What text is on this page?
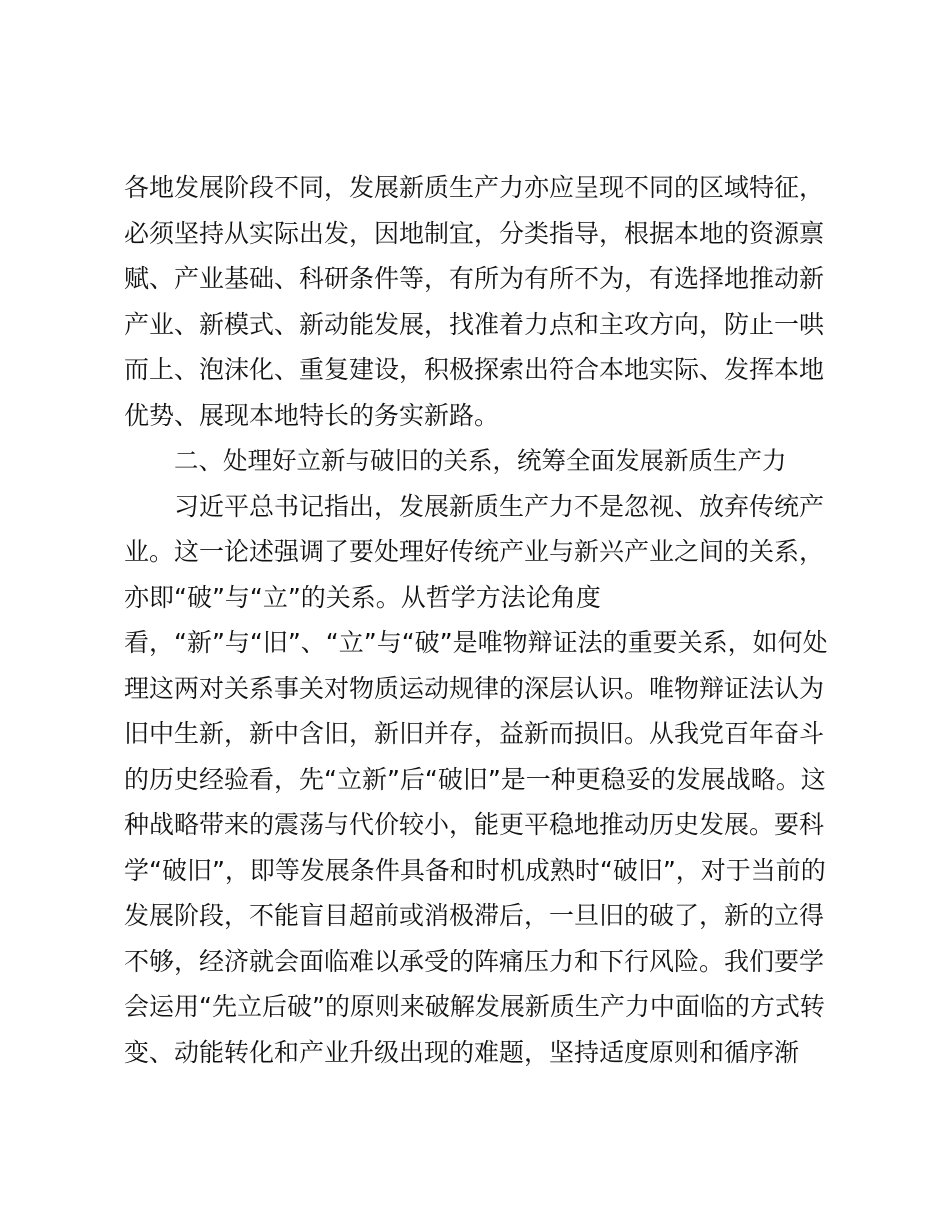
各地发展阶段不同，发展新质生产力亦应呈现不同的区域特征，
必须坚持从实际出发，因地制宜，分类指导，根据本地的资源禀
赋、产业基础、科研条件等，有所为有所不为，有选择地推动新
产业、新模式、新动能发展，找准着力点和主攻方向，防止一哄
而上、泡沫化、重复建设，积极探索出符合本地实际、发挥本地
优势、展现本地特长的务实新路。
二、处理好立新与破旧的关系，统筹全面发展新质生产力
习近平总书记指出，发展新质生产力不是忽视、放弃传统产
业。这一论述强调了要处理好传统产业与新兴产业之间的关系，
亦即“破”与“立”的关系。从哲学方法论角度
看，“新”与“旧”、“立”与“破”是唯物辩证法的重要关系，如何处
理这两对关系事关对物质运动规律的深层认识。唯物辩证法认为
旧中生新，新中含旧，新旧并存，益新而损旧。从我党百年奋斗
的历史经验看，先“立新”后“破旧”是一种更稳妥的发展战略。这
种战略带来的震荡与代价较小，能更平稳地推动历史发展。要科
学“破旧”，即等发展条件具备和时机成熟时“破旧”，对于当前的
发展阶段，不能盲目超前或消极滞后，一旦旧的破了，新的立得
不够，经济就会面临难以承受的阵痛压力和下行风险。我们要学
会运用“先立后破”的原则来破解发展新质生产力中面临的方式转
变、动能转化和产业升级出现的难题，坚持适度原则和循序渐
